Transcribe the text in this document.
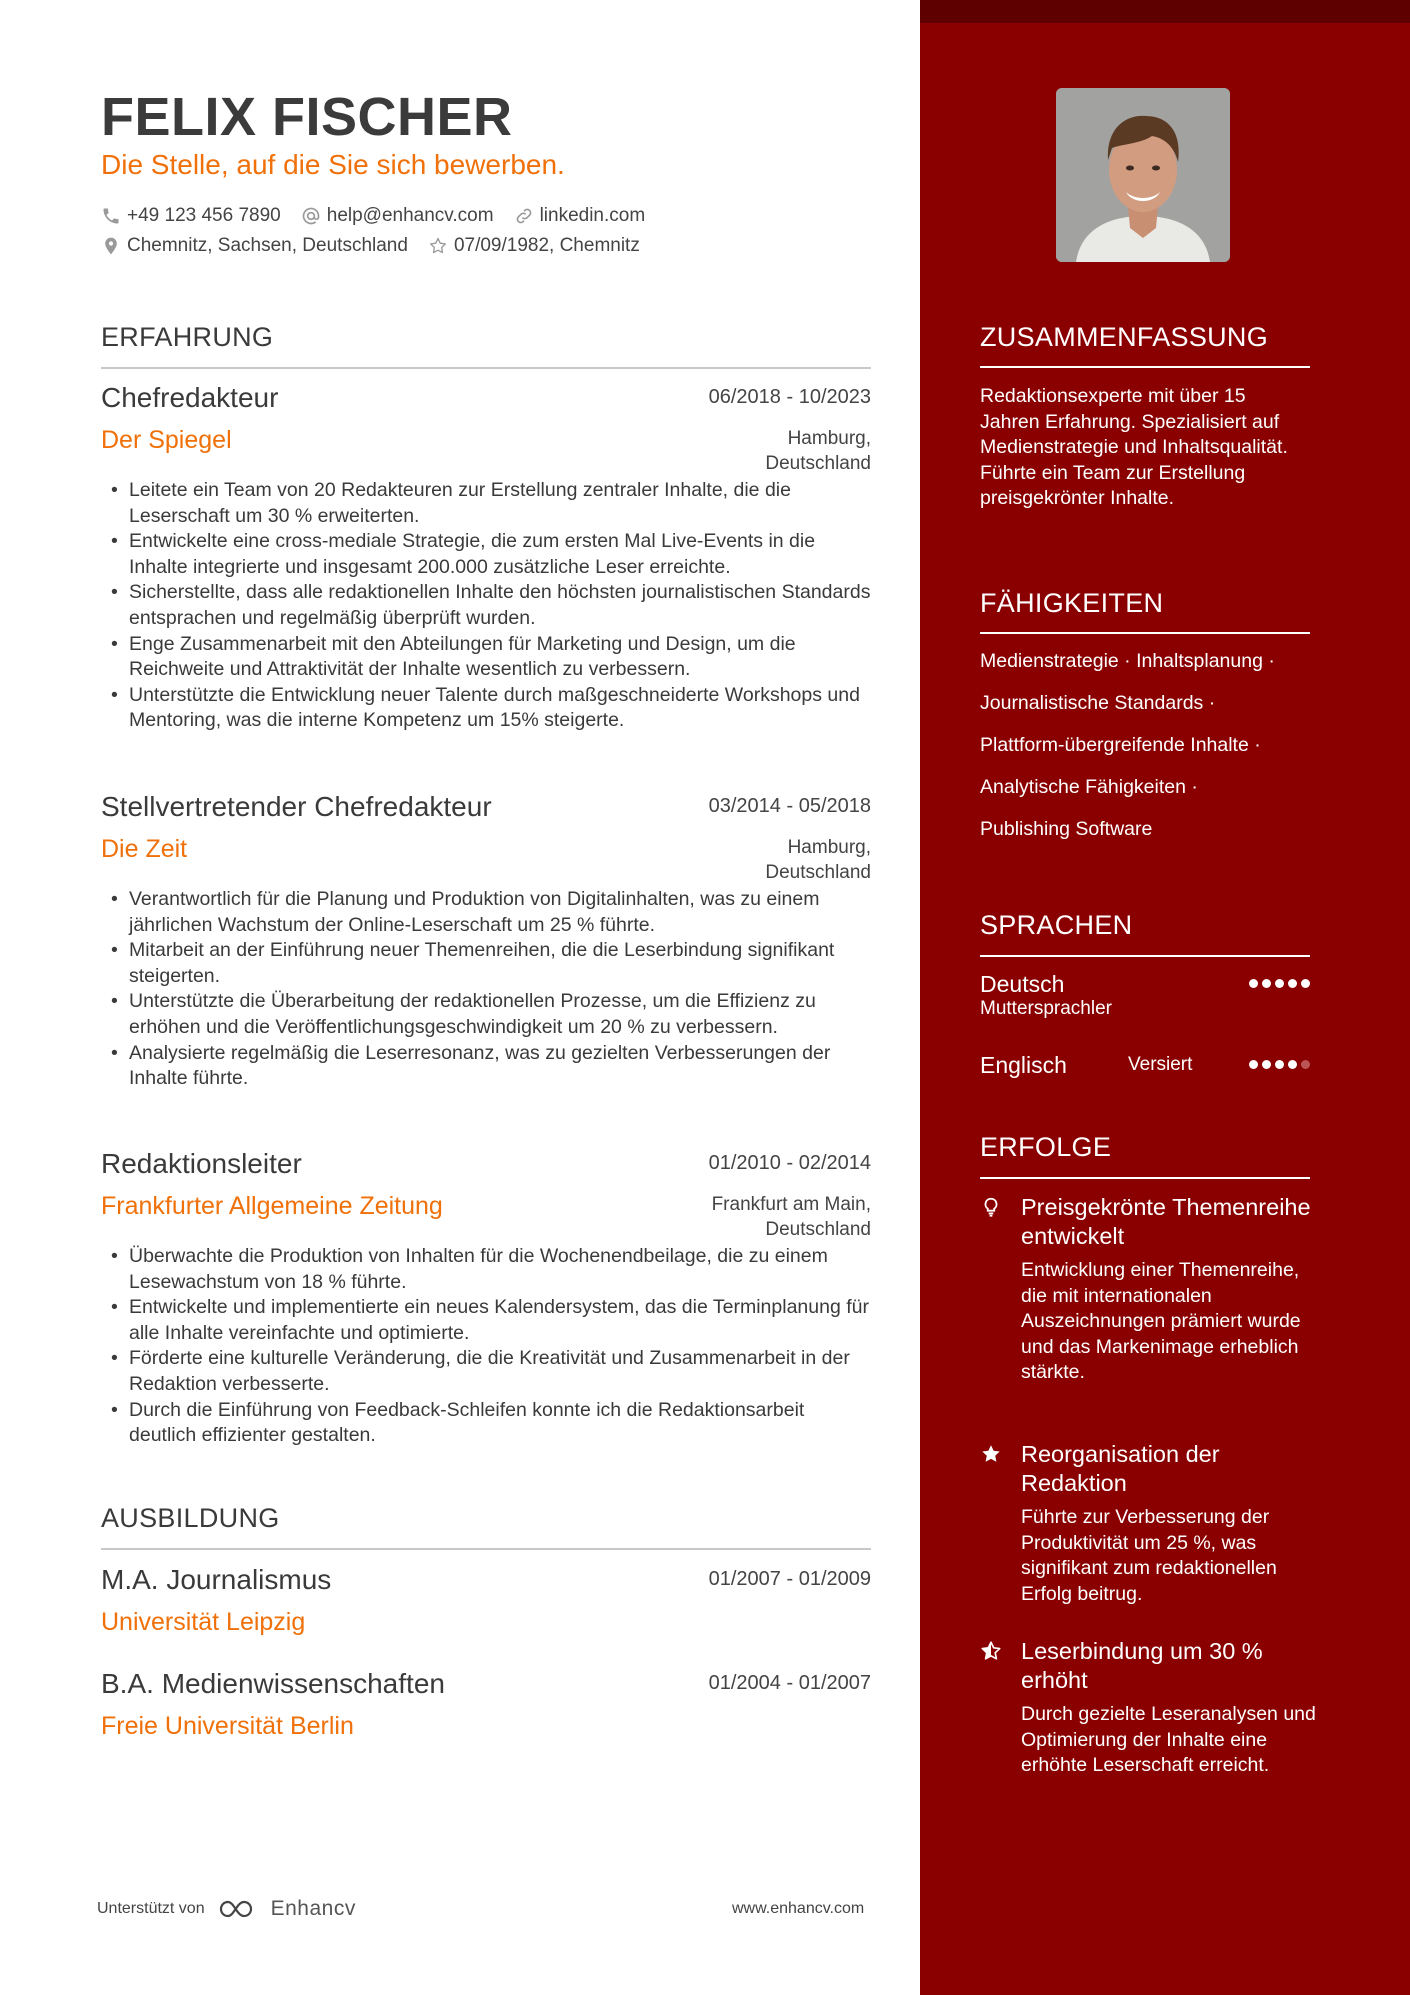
FELIX FISCHER
Die Stelle, auf die Sie sich bewerben.
+49 123 456 7890 help@enhancv.com linkedin.com
Chemnitz, Sachsen, Deutschland 07/09/1982, Chemnitz
ERFAHRUNG
Chefredakteur	06/2018 - 10/2023
Der Spiegel	Hamburg,
Deutschland
• Leitete ein Team von 20 Redakteuren zur Erstellung zentraler Inhalte, die die Leserschaft um 30 % erweiterten.
• Entwickelte eine cross-mediale Strategie, die zum ersten Mal Live-Events in die Inhalte integrierte und insgesamt 200.000 zusätzliche Leser erreichte.
• Sicherstellte, dass alle redaktionellen Inhalte den höchsten journalistischen Standards entsprachen und regelmäßig überprüft wurden.
• Enge Zusammenarbeit mit den Abteilungen für Marketing und Design, um die Reichweite und Attraktivität der Inhalte wesentlich zu verbessern.
• Unterstützte die Entwicklung neuer Talente durch maßgeschneiderte Workshops und Mentoring, was die interne Kompetenz um 15% steigerte.
Stellvertretender Chefredakteur	03/2014 - 05/2018
Die Zeit	Hamburg,
Deutschland
• Verantwortlich für die Planung und Produktion von Digitalinhalten, was zu einem jährlichen Wachstum der Online-Leserschaft um 25 % führte.
• Mitarbeit an der Einführung neuer Themenreihen, die die Leserbindung signifikant steigerten.
• Unterstützte die Überarbeitung der redaktionellen Prozesse, um die Effizienz zu erhöhen und die Veröffentlichungsgeschwindigkeit um 20 % zu verbessern.
• Analysierte regelmäßig die Leserresonanz, was zu gezielten Verbesserungen der Inhalte führte.
Redaktionsleiter	01/2010 - 02/2014
Frankfurter Allgemeine Zeitung	Frankfurt am Main,
Deutschland
• Überwachte die Produktion von Inhalten für die Wochenendbeilage, die zu einem Lesewachstum von 18 % führte.
• Entwickelte und implementierte ein neues Kalendersystem, das die Terminplanung für alle Inhalte vereinfachte und optimierte.
• Förderte eine kulturelle Veränderung, die die Kreativität und Zusammenarbeit in der Redaktion verbesserte.
• Durch die Einführung von Feedback-Schleifen konnte ich die Redaktionsarbeit deutlich effizienter gestalten.
AUSBILDUNG
M.A. Journalismus	01/2007 - 01/2009
Universität Leipzig
B.A. Medienwissenschaften	01/2004 - 01/2007
Freie Universität Berlin
Unterstützt von	Enhancv	www.enhancv.com
ZUSAMMENFASSUNG
Redaktionsexperte mit über 15 Jahren Erfahrung. Spezialisiert auf Medienstrategie und Inhaltsqualität. Führte ein Team zur Erstellung preisgekrönter Inhalte.
FÄHIGKEITEN
Medienstrategie · Inhaltsplanung ·
Journalistische Standards ·
Plattform-übergreifende Inhalte ·
Analytische Fähigkeiten ·
Publishing Software
SPRACHEN
Deutsch
Muttersprachler
Englisch	Versiert
ERFOLGE
Preisgekrönte Themenreihe entwickelt
Entwicklung einer Themenreihe, die mit internationalen Auszeichnungen prämiert wurde und das Markenimage erheblich stärkte.
Reorganisation der Redaktion
Führte zur Verbesserung der Produktivität um 25 %, was signifikant zum redaktionellen Erfolg beitrug.
Leserbindung um 30 % erhöht
Durch gezielte Leseranalysen und Optimierung der Inhalte eine erhöhte Leserschaft erreicht.
